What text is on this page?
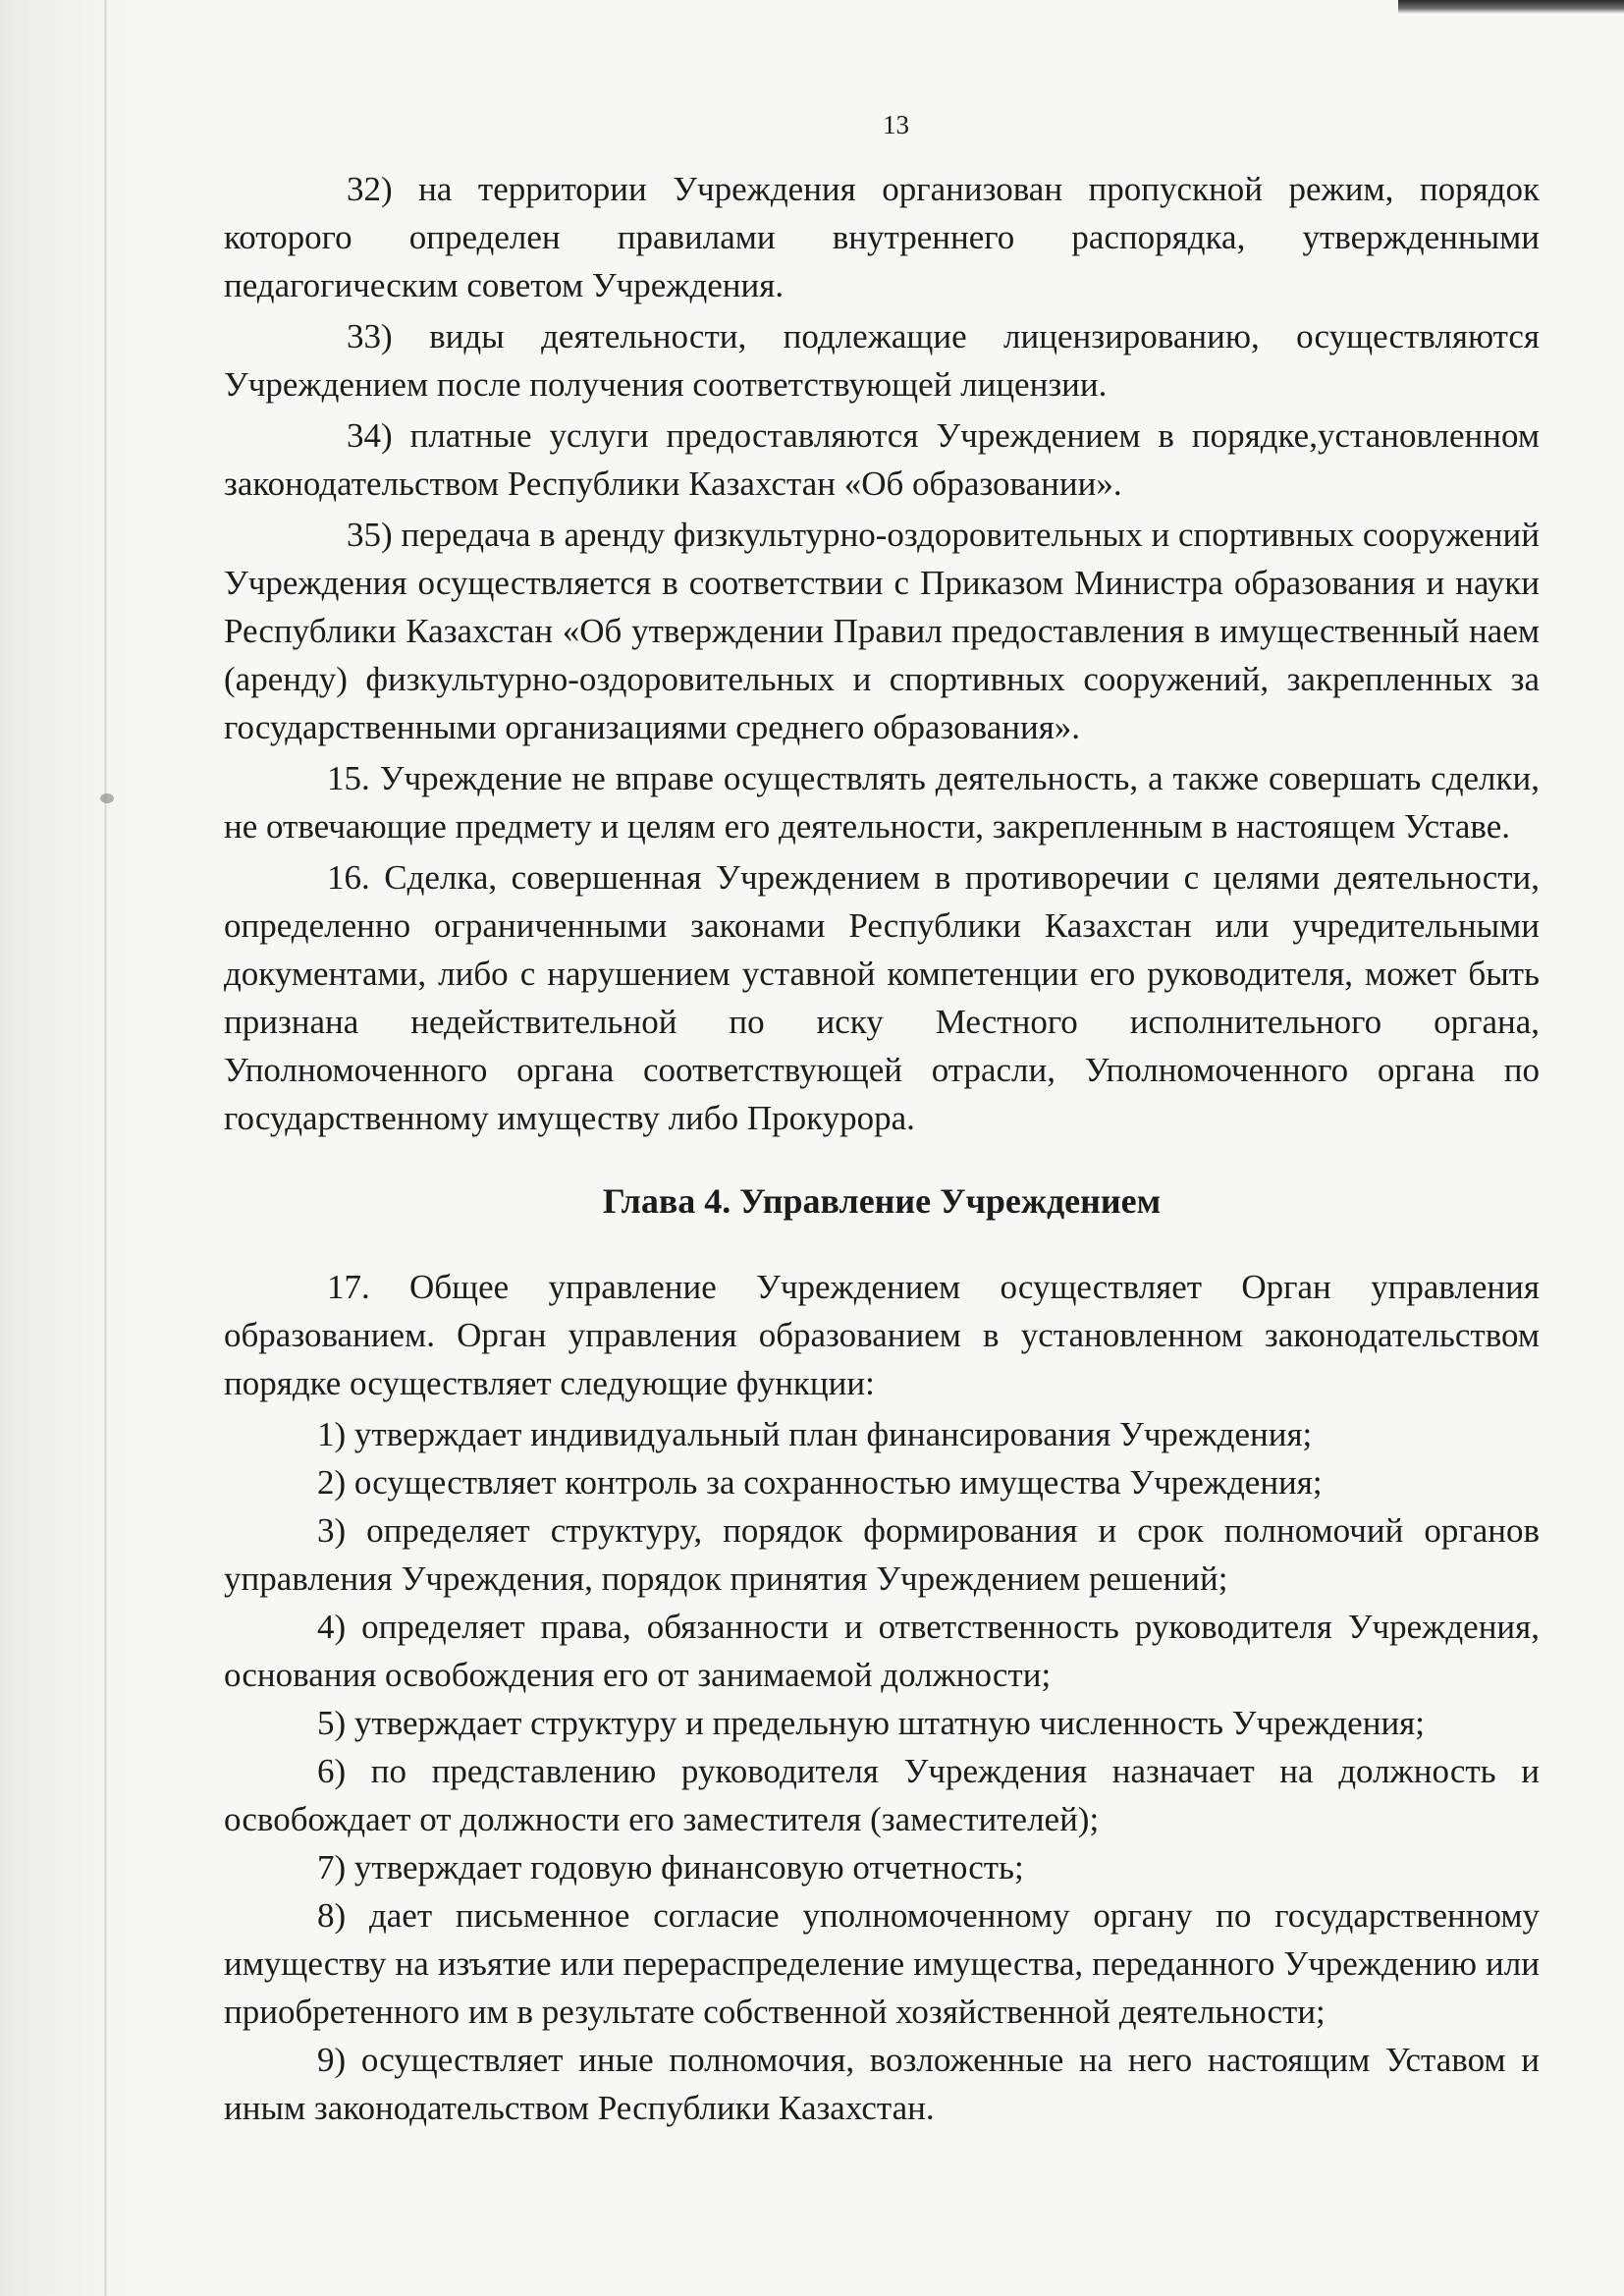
13

32) на территории Учреждения организован пропускной режим, порядок которого определен правилами внутреннего распорядка, утвержденными педагогическим советом Учреждения.

33) виды деятельности, подлежащие лицензированию, осуществляются Учреждением после получения соответствующей лицензии.

34) платные услуги предоставляются Учреждением в порядке,установленном законодательством Республики Казахстан «Об образовании».

35) передача в аренду физкультурно-оздоровительных и спортивных сооружений Учреждения осуществляется в соответствии с Приказом Министра образования и науки Республики Казахстан «Об утверждении Правил предоставления в имущественный наем (аренду) физкультурно-оздоровительных и спортивных сооружений, закрепленных за государственными организациями среднего образования».

15. Учреждение не вправе осуществлять деятельность, а также совершать сделки, не отвечающие предмету и целям его деятельности, закрепленным в настоящем Уставе.

16. Сделка, совершенная Учреждением в противоречии с целями деятельности, определенно ограниченными законами Республики Казахстан или учредительными документами, либо с нарушением уставной компетенции его руководителя, может быть признана недействительной по иску Местного исполнительного органа, Уполномоченного органа соответствующей отрасли, Уполномоченного органа по государственному имуществу либо Прокурора.

Глава 4. Управление Учреждением

17. Общее управление Учреждением осуществляет Орган управления образованием. Орган управления образованием в установленном законодательством порядке осуществляет следующие функции:

1) утверждает индивидуальный план финансирования Учреждения;

2) осуществляет контроль за сохранностью имущества Учреждения;

3) определяет структуру, порядок формирования и срок полномочий органов управления Учреждения, порядок принятия Учреждением решений;

4) определяет права, обязанности и ответственность руководителя Учреждения, основания освобождения его от занимаемой должности;

5) утверждает структуру и предельную штатную численность Учреждения;

6) по представлению руководителя Учреждения назначает на должность и освобождает от должности его заместителя (заместителей);

7) утверждает годовую финансовую отчетность;

8) дает письменное согласие уполномоченному органу по государственному имуществу на изъятие или перераспределение имущества, переданного Учреждению или приобретенного им в результате собственной хозяйственной деятельности;

9) осуществляет иные полномочия, возложенные на него настоящим Уставом и иным законодательством Республики Казахстан.
